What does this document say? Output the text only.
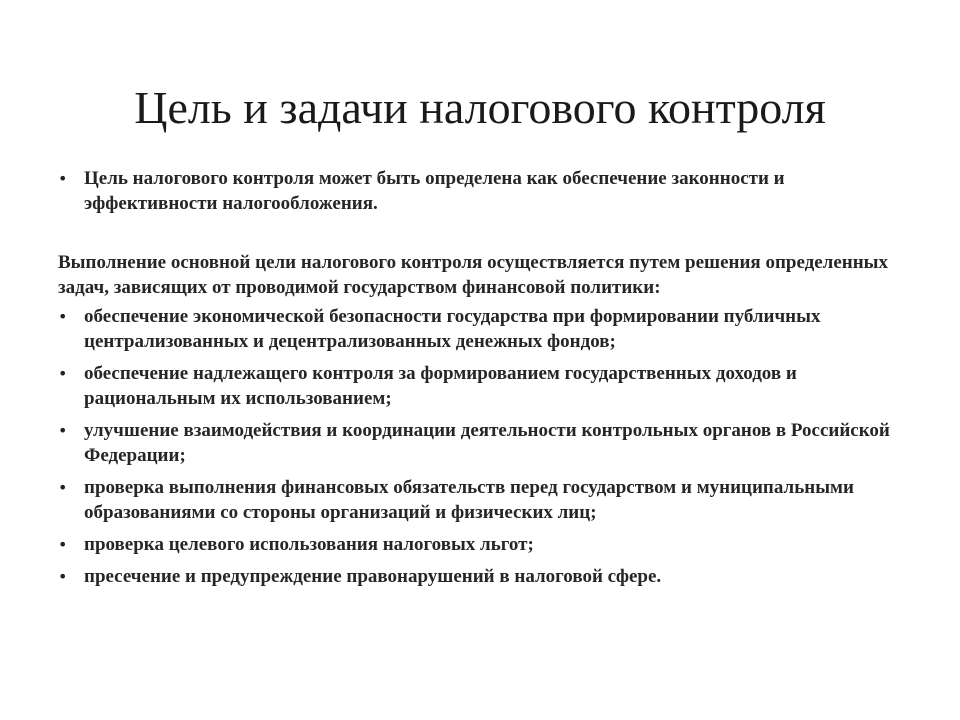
Цель и задачи налогового контроля
• Цель налогового контроля может быть определена как обеспечение законности и эффективности налогообложения.
Выполнение основной цели налогового контроля осуществляется путем решения определенных задач, зависящих от проводимой государством финансовой политики:
• обеспечение экономической безопасности государства при формировании публичных централизованных и децентрализованных денежных фондов;
• обеспечение надлежащего контроля за формированием государственных доходов и рациональным их использованием;
• улучшение взаимодействия и координации деятельности контрольных органов в Российской Федерации;
• проверка выполнения финансовых обязательств перед государством и муниципальными образованиями со стороны организаций и физических лиц;
• проверка целевого использования налоговых льгот;
• пресечение и предупреждение правонарушений в налоговой сфере.
